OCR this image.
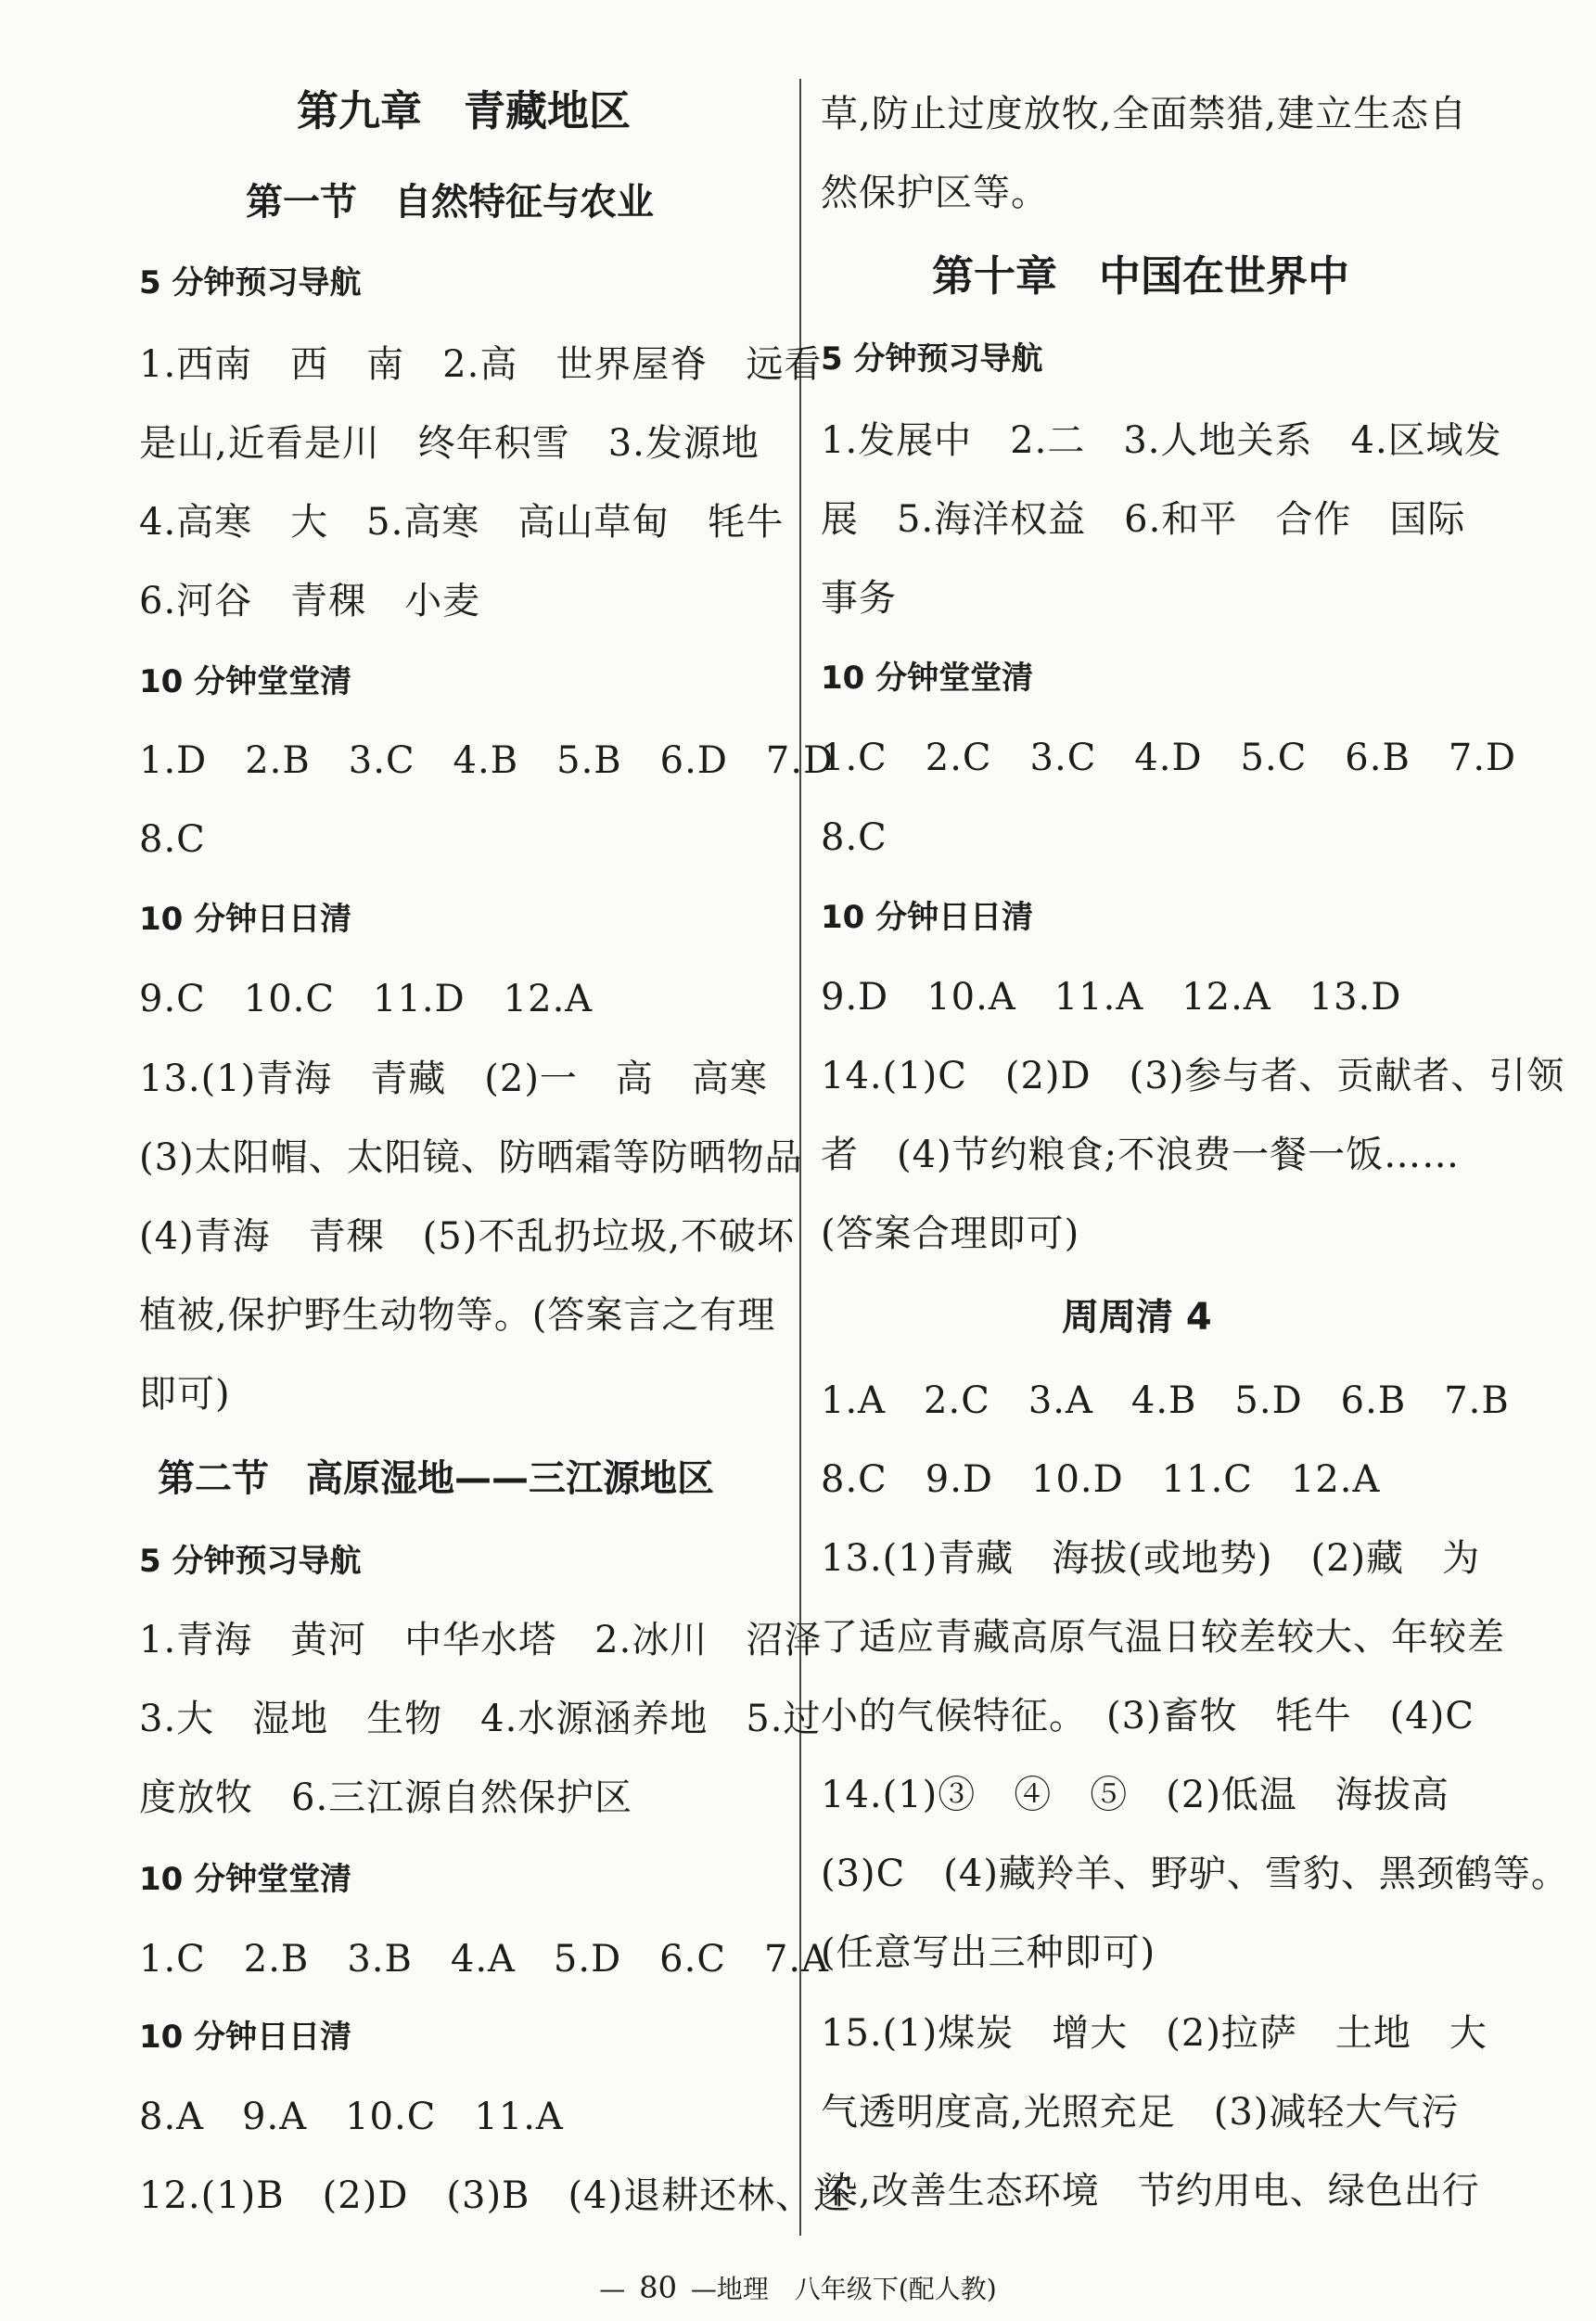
第九章　青藏地区
第一节　自然特征与农业
5 分钟预习导航
1.西南　西　南　2.高　世界屋脊　远看
是山,近看是川　终年积雪　3.发源地
4.高寒　大　5.高寒　高山草甸　牦牛
6.河谷　青稞　小麦
10 分钟堂堂清
1.D　2.B　3.C　4.B　5.B　6.D　7.D
8.C
10 分钟日日清
9.C　10.C　11.D　12.A
13.(1)青海　青藏　(2)一　高　高寒
(3)太阳帽、太阳镜、防晒霜等防晒物品
(4)青海　青稞　(5)不乱扔垃圾,不破坏
植被,保护野生动物等。(答案言之有理
即可)
第二节　高原湿地——三江源地区
5 分钟预习导航
1.青海　黄河　中华水塔　2.冰川　沼泽
3.大　湿地　生物　4.水源涵养地　5.过
度放牧　6.三江源自然保护区
10 分钟堂堂清
1.C　2.B　3.B　4.A　5.D　6.C　7.A
10 分钟日日清
8.A　9.A　10.C　11.A
12.(1)B　(2)D　(3)B　(4)退耕还林、还
草,防止过度放牧,全面禁猎,建立生态自
然保护区等。
第十章　中国在世界中
5 分钟预习导航
1.发展中　2.二　3.人地关系　4.区域发
展　5.海洋权益　6.和平　合作　国际
事务
10 分钟堂堂清
1.C　2.C　3.C　4.D　5.C　6.B　7.D
8.C
10 分钟日日清
9.D　10.A　11.A　12.A　13.D
14.(1)C　(2)D　(3)参与者、贡献者、引领
者　(4)节约粮食;不浪费一餐一饭……
(答案合理即可)
周周清 4
1.A　2.C　3.A　4.B　5.D　6.B　7.B
8.C　9.D　10.D　11.C　12.A
13.(1)青藏　海拔(或地势)　(2)藏　为
了适应青藏高原气温日较差较大、年较差
小的气候特征。　(3)畜牧　牦牛　(4)C
14.(1)③　④　⑤　(2)低温　海拔高
(3)C　(4)藏羚羊、野驴、雪豹、黑颈鹤等。
(任意写出三种即可)
15.(1)煤炭　增大　(2)拉萨　土地　大
气透明度高,光照充足　(3)减轻大气污
染,改善生态环境　节约用电、绿色出行
— 80 —地理　八年级下(配人教)
